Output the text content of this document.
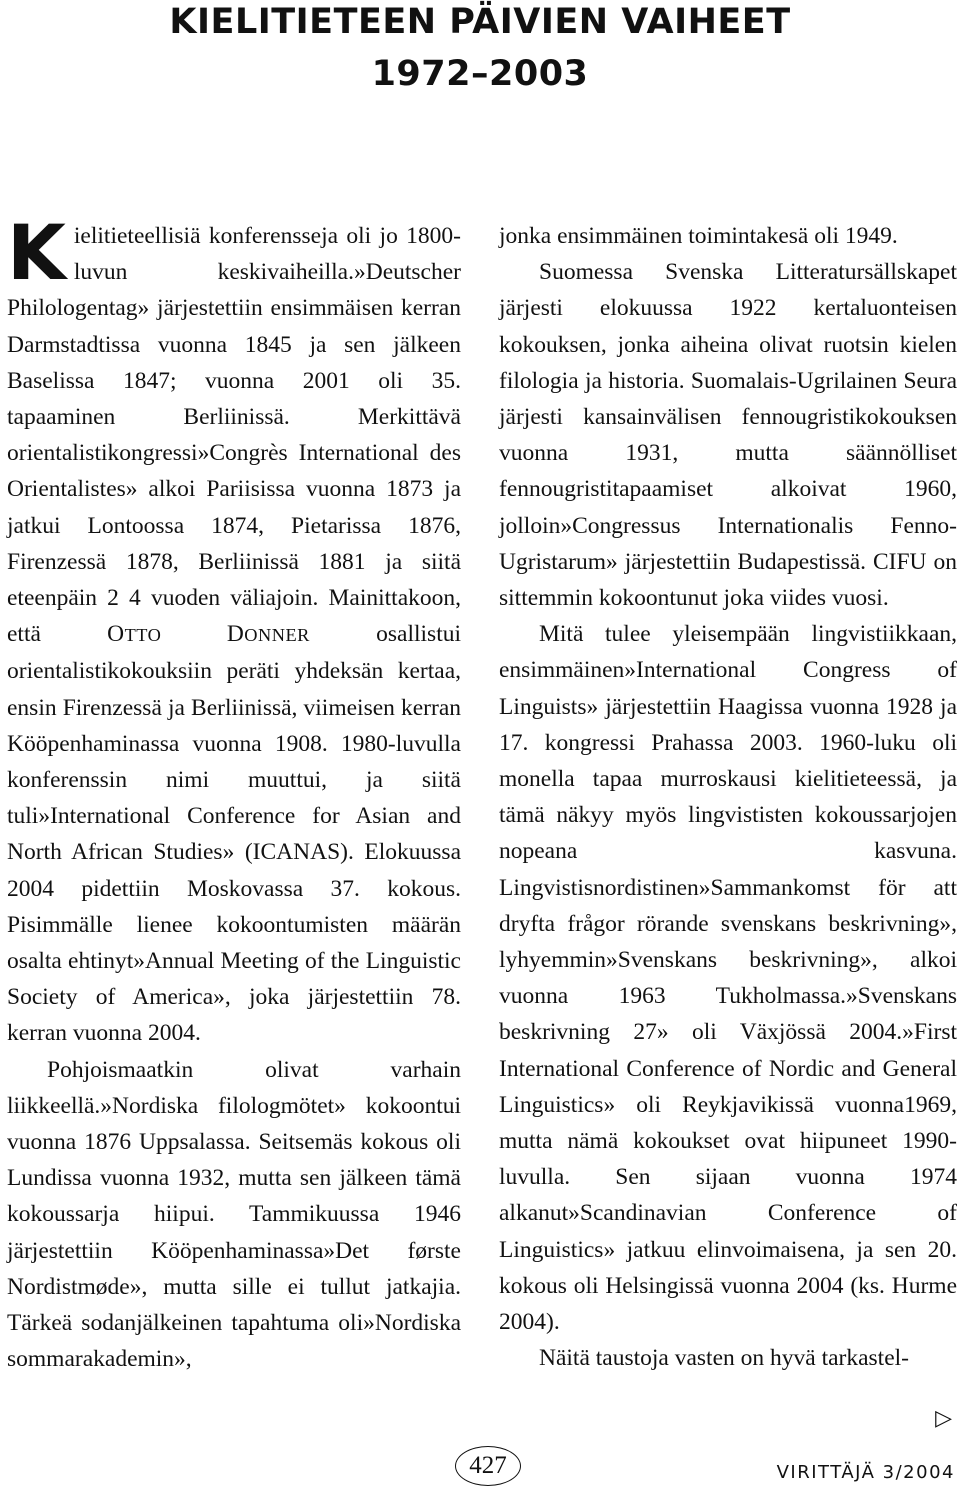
KIELITIETEEN PÄIVIEN VAIHEET
1972–2003

Kielitieteellisiä konferensseja oli jo 1800-luvun keskivaiheilla.»Deutscher Philologentag» järjestettiin ensimmäisen kerran Darmstadtissa vuonna 1845 ja sen jälkeen Baselissa 1847; vuonna 2001 oli 35. tapaaminen Berliinissä. Merkittävä orientalistikongressi»Congrès International des Orientalistes» alkoi Pariisissa vuonna 1873 ja jatkui Lontoossa 1874, Pietarissa 1876, Firenzessä 1878, Berliinissä 1881 ja siitä eteenpäin 2 4 vuoden väliajoin. Mainittakoon, että OTTO	DONNER osallistui orientalistikokouksiin peräti yhdeksän kertaa, ensin Firenzessä ja Berliinissä, viimeisen kerran Kööpenhaminassa vuonna 1908. 1980-luvulla konferenssin nimi muuttui, ja siitä tuli»International Conference for Asian and North African Studies» (ICANAS). Elokuussa 2004 pidettiin Moskovassa 37. kokous. Pisimmälle lienee kokoontumisten määrän osalta ehtinyt»Annual Meeting of the Linguistic Society of America», joka järjestettiin 78. kerran vuonna 2004.

Pohjoismaatkin olivat varhain liikkeellä.»Nordiska filologmötet» kokoontui vuonna 1876 Uppsalassa. Seitsemäs kokous oli Lundissa vuonna 1932, mutta sen jälkeen tämä kokoussarja hiipui. Tammikuussa 1946 järjestettiin Kööpenhaminassa»Det første Nordistmøde», mutta sille ei tullut jatkajia. Tärkeä sodanjälkeinen tapahtuma oli»Nordiska sommarakademin»,

jonka ensimmäinen toimintakesä oli 1949.

Suomessa Svenska Litteratursällskapet järjesti elokuussa 1922 kertaluonteisen kokouksen, jonka aiheina olivat ruotsin kielen filologia ja historia. Suomalais-Ugrilainen Seura järjesti kansainvälisen fennougristikokouksen vuonna 1931, mutta säännölliset fennougristitapaamiset alkoivat 1960, jolloin»Congressus Internationalis Fenno-Ugristarum» järjestettiin Budapestissä. CIFU on sittemmin kokoontunut joka viides vuosi.

Mitä tulee yleisempään lingvistiikkaan, ensimmäinen»International Congress of Linguists» järjestettiin Haagissa vuonna 1928 ja 17. kongressi Prahassa 2003. 1960-luku oli monella tapaa murroskausi kielitieteessä, ja tämä näkyy myös lingvististen kokoussarjojen nopeana kasvuna. Lingvistisnordistinen»Sammankomst för att dryfta frågor rörande svenskans beskrivning», lyhyemmin»Svenskans beskrivning», alkoi vuonna 1963 Tukholmassa.»Svenskans beskrivning 27» oli Växjössä 2004.»First International Conference of Nordic and General Linguistics» oli Reykjavikissä vuonna1969, mutta nämä kokoukset ovat hiipuneet 1990-luvulla. Sen sijaan vuonna 1974 alkanut»Scandinavian Conference of Linguistics» jatkuu elinvoimaisena, ja sen 20. kokous oli Helsingissä vuonna 2004 (ks. Hurme 2004).

Näitä taustoja vasten on hyvä tarkastel-

▷
427	VIRITTÄJÄ 3/2004
